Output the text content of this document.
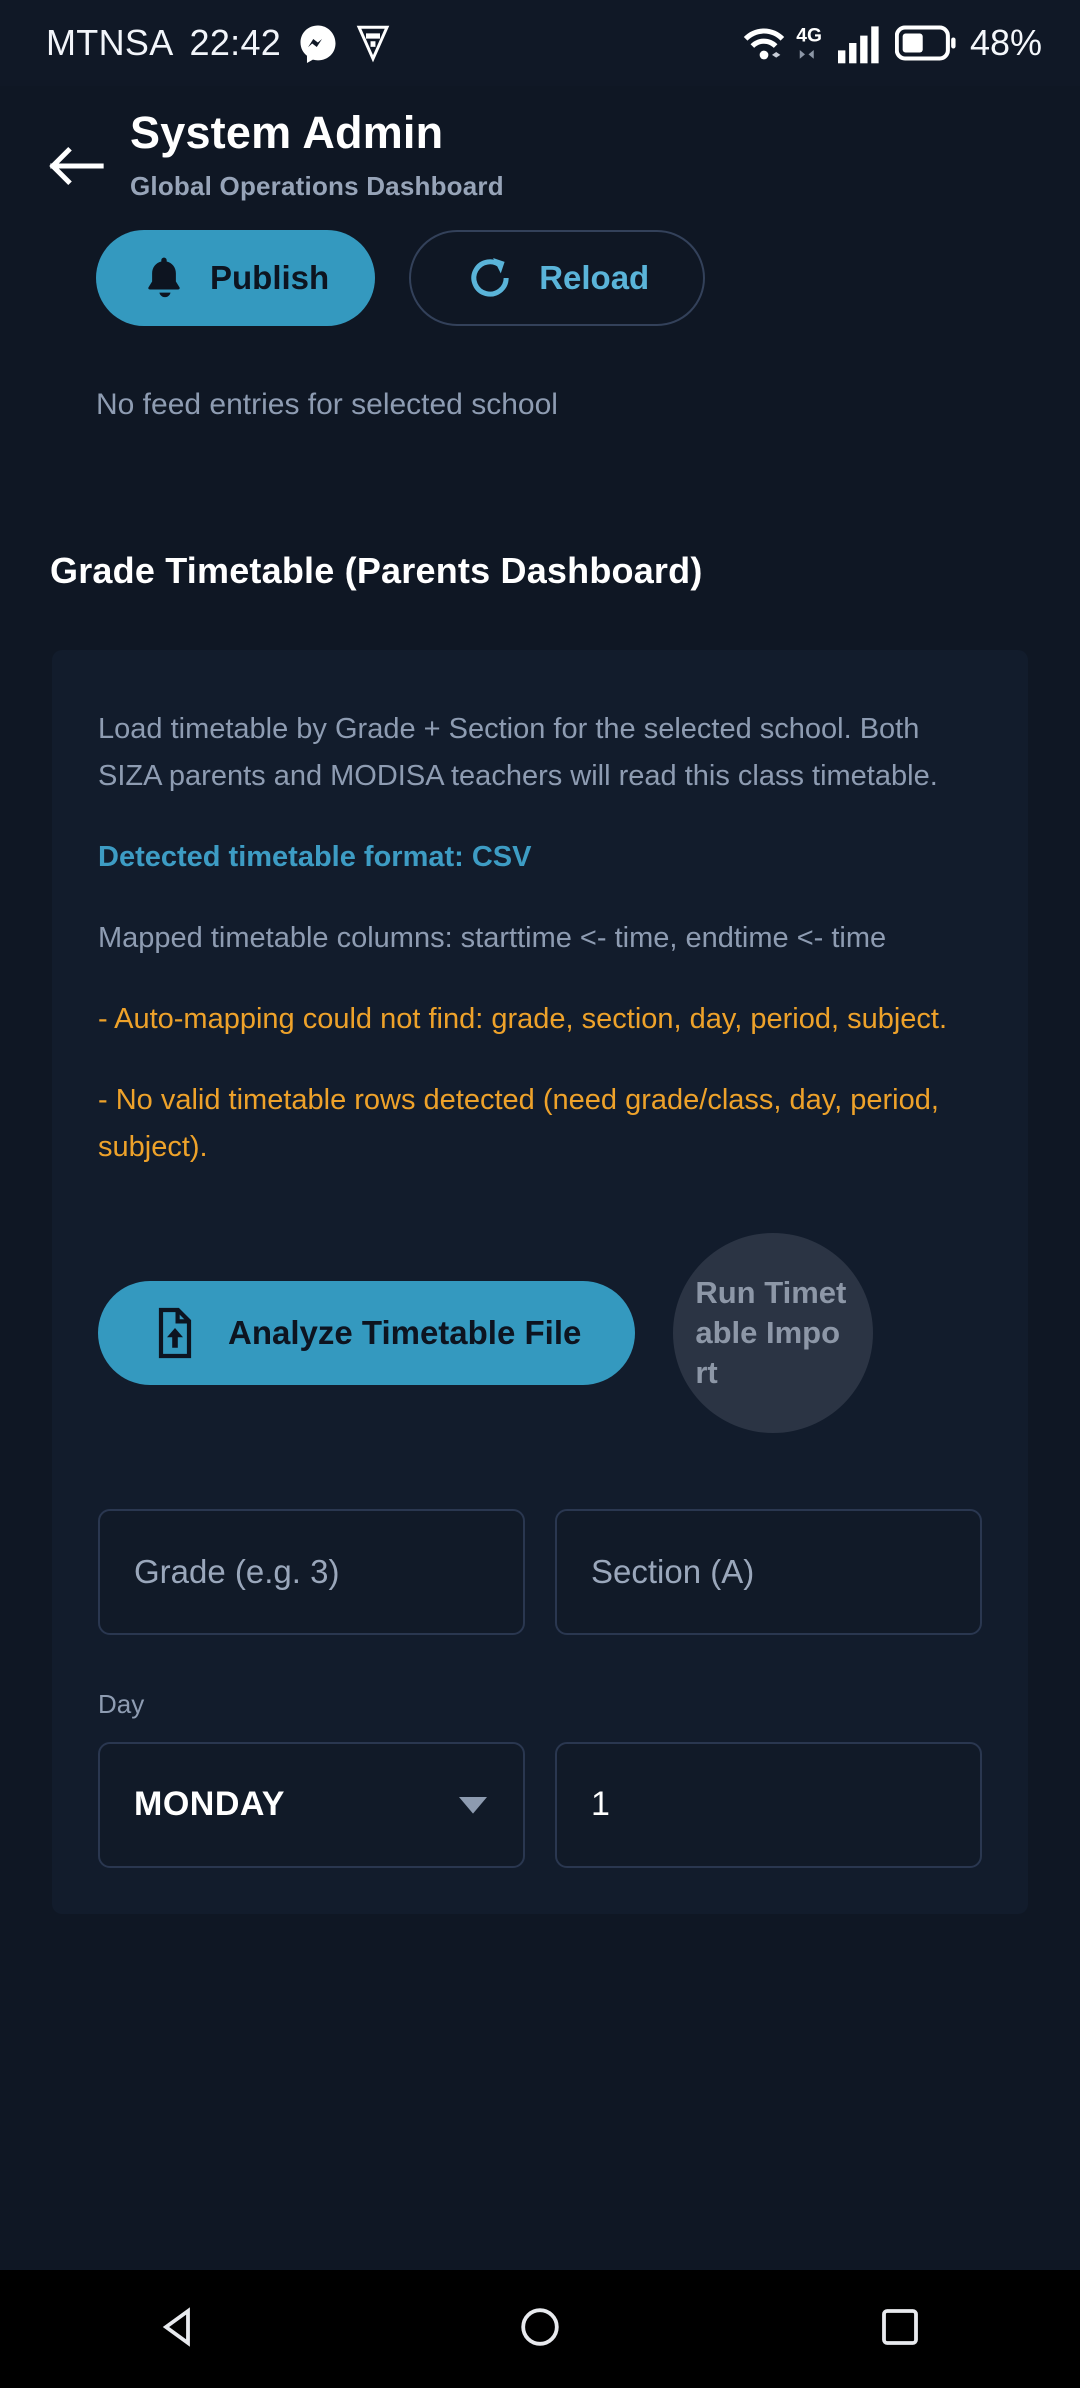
MTNSA 22:42	4G	48%
System Admin
Global Operations Dashboard
Publish	Reload
No feed entries for selected school
Grade Timetable (Parents Dashboard)
Load timetable by Grade + Section for the selected school. Both SIZA parents and MODISA teachers will read this class timetable.
Detected timetable format: CSV
Mapped timetable columns: starttime <- time, endtime <- time
- Auto-mapping could not find: grade, section, day, period, subject.
- No valid timetable rows detected (need grade/class, day, period, subject).
Analyze Timetable File
Run Timetable Import
Grade (e.g. 3)	Section (A)
Day
MONDAY	1
